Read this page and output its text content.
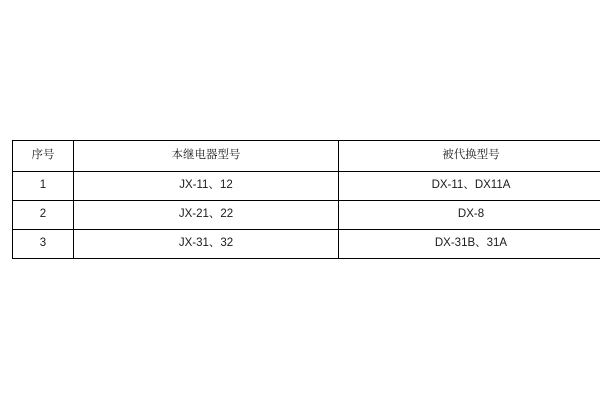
序号	本继电器型号	被代换型号
1	JX-11、12	DX-11、DX11A
2	JX-21、22	DX-8
3	JX-31、32	DX-31B、31A
